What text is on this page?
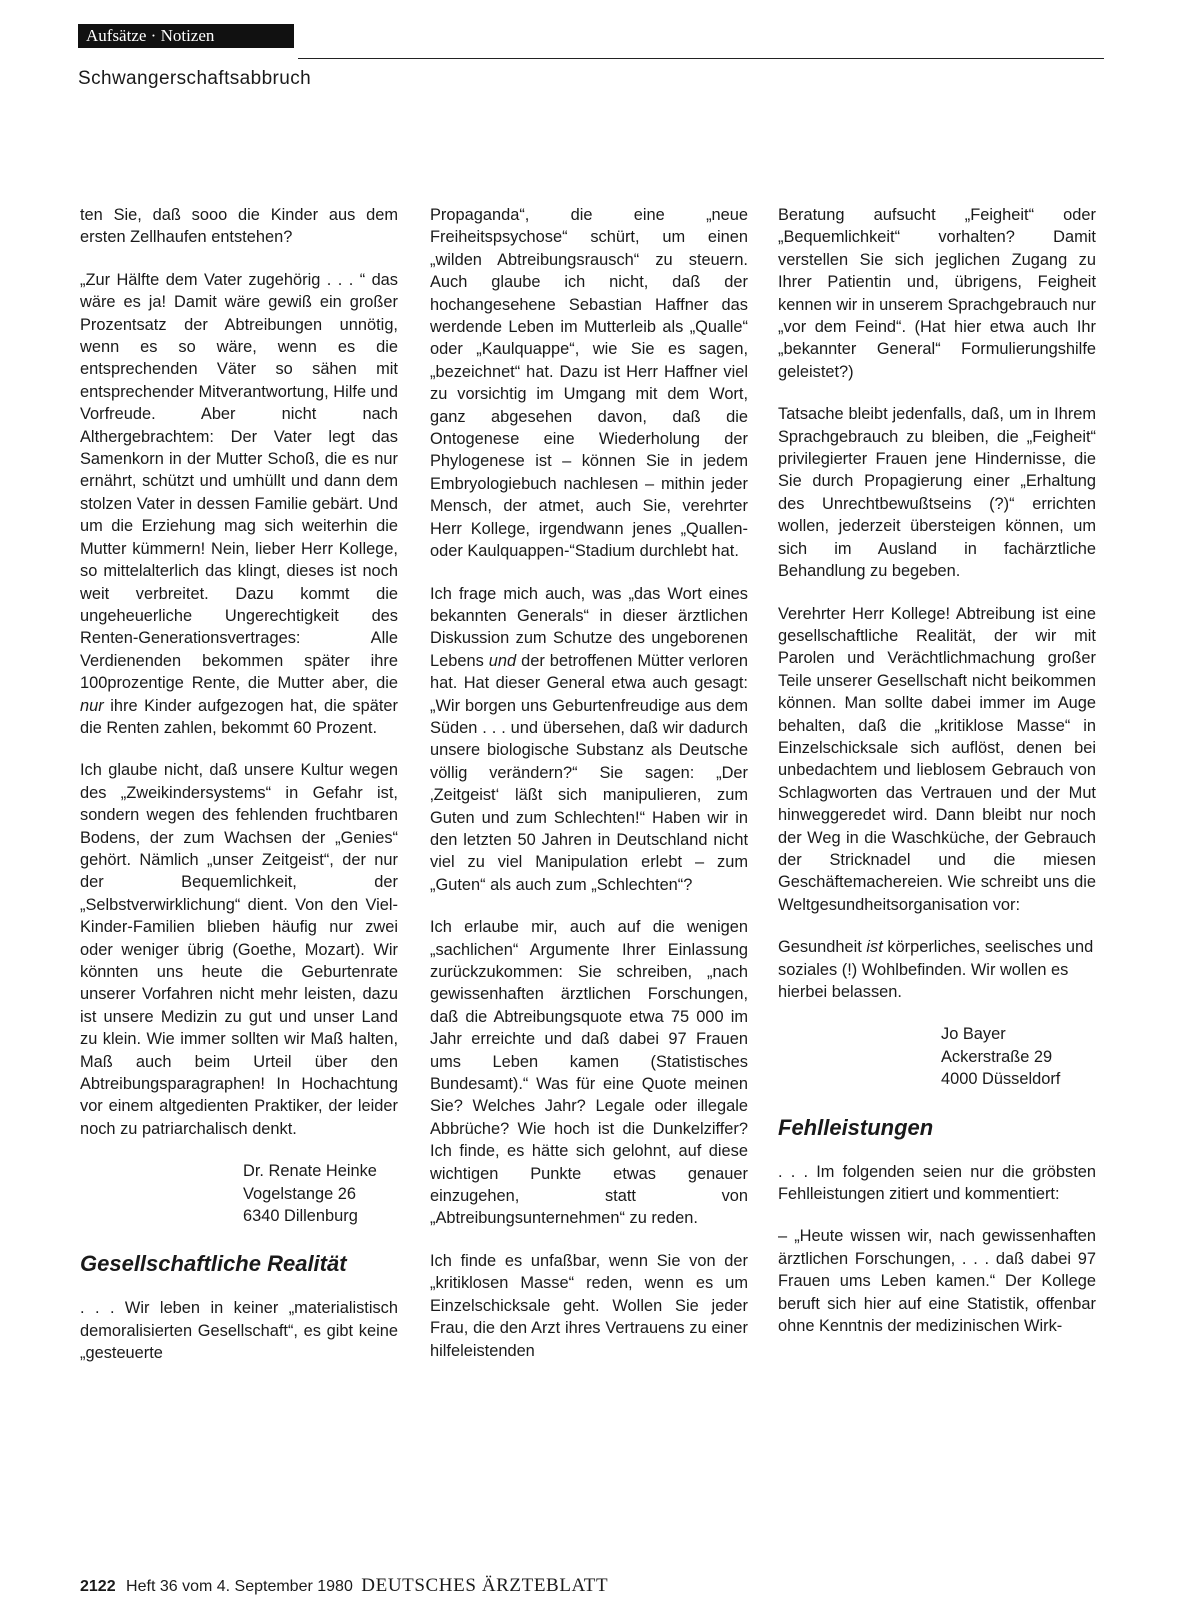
Aufsätze · Notizen
Schwangerschaftsabbruch

ten Sie, daß sooo die Kinder aus dem ersten Zellhaufen entstehen?

„Zur Hälfte dem Vater zugehörig . . . “ das wäre es ja! Damit wäre gewiß ein großer Prozentsatz der Abtreibungen unnötig, wenn es so wäre, wenn es die entsprechenden Väter so sähen mit entsprechender Mitverantwortung, Hilfe und Vorfreude. Aber nicht nach Althergebrachtem: Der Vater legt das Samenkorn in der Mutter Schoß, die es nur ernährt, schützt und umhüllt und dann dem stolzen Vater in dessen Familie gebärt. Und um die Erziehung mag sich weiterhin die Mutter kümmern! Nein, lieber Herr Kollege, so mittelalterlich das klingt, dieses ist noch weit verbreitet. Dazu kommt die ungeheuerliche Ungerechtigkeit des Renten-Generationsvertrages: Alle Verdienenden bekommen später ihre 100prozentige Rente, die Mutter aber, die nur ihre Kinder aufgezogen hat, die später die Renten zahlen, bekommt 60 Prozent.

Ich glaube nicht, daß unsere Kultur wegen des „Zweikindersystems“ in Gefahr ist, sondern wegen des fehlenden fruchtbaren Bodens, der zum Wachsen der „Genies“ gehört. Nämlich „unser Zeitgeist“, der nur der Bequemlichkeit, der „Selbstverwirklichung“ dient. Von den Viel-Kinder-Familien blieben häufig nur zwei oder weniger übrig (Goethe, Mozart). Wir könnten uns heute die Geburtenrate unserer Vorfahren nicht mehr leisten, dazu ist unsere Medizin zu gut und unser Land zu klein. Wie immer sollten wir Maß halten, Maß auch beim Urteil über den Abtreibungsparagraphen! In Hochachtung vor einem altgedienten Praktiker, der leider noch zu patriarchalisch denkt.

Dr. Renate Heinke
Vogelstange 26
6340 Dillenburg
Gesellschaftliche Realität

. . . Wir leben in keiner „materialistisch demoralisierten Gesellschaft“, es gibt keine „gesteuerte

Propaganda“, die eine „neue Freiheitspsychose“ schürt, um einen „wilden Abtreibungsrausch“ zu steuern. Auch glaube ich nicht, daß der hochangesehene Sebastian Haffner das werdende Leben im Mutterleib als „Qualle“ oder „Kaulquappe“, wie Sie es sagen, „bezeichnet“ hat. Dazu ist Herr Haffner viel zu vorsichtig im Umgang mit dem Wort, ganz abgesehen davon, daß die Ontogenese eine Wiederholung der Phylogenese ist – können Sie in jedem Embryologiebuch nachlesen – mithin jeder Mensch, der atmet, auch Sie, verehrter Herr Kollege, irgendwann jenes „Quallen- oder Kaulquappen-“Stadium durchlebt hat.

Ich frage mich auch, was „das Wort eines bekannten Generals“ in dieser ärztlichen Diskussion zum Schutze des ungeborenen Lebens und der betroffenen Mütter verloren hat. Hat dieser General etwa auch gesagt: „Wir borgen uns Geburtenfreudige aus dem Süden . . . und übersehen, daß wir dadurch unsere biologische Substanz als Deutsche völlig verändern?“ Sie sagen: „Der ‚Zeitgeist‘ läßt sich manipulieren, zum Guten und zum Schlechten!“ Haben wir in den letzten 50 Jahren in Deutschland nicht viel zu viel Manipulation erlebt – zum „Guten“ als auch zum „Schlechten“?

Ich erlaube mir, auch auf die wenigen „sachlichen“ Argumente Ihrer Einlassung zurückzukommen: Sie schreiben, „nach gewissenhaften ärztlichen Forschungen, daß die Abtreibungsquote etwa 75 000 im Jahr erreichte und daß dabei 97 Frauen ums Leben kamen (Statistisches Bundesamt).“ Was für eine Quote meinen Sie? Welches Jahr? Legale oder illegale Abbrüche? Wie hoch ist die Dunkelziffer? Ich finde, es hätte sich gelohnt, auf diese wichtigen Punkte etwas genauer einzugehen, statt von „Abtreibungsunternehmen“ zu reden.

Ich finde es unfaßbar, wenn Sie von der „kritiklosen Masse“ reden, wenn es um Einzelschicksale geht. Wollen Sie jeder Frau, die den Arzt ihres Vertrauens zu einer hilfeleistenden

Beratung aufsucht „Feigheit“ oder „Bequemlichkeit“ vorhalten? Damit verstellen Sie sich jeglichen Zugang zu Ihrer Patientin und, übrigens, Feigheit kennen wir in unserem Sprachgebrauch nur „vor dem Feind“. (Hat hier etwa auch Ihr „bekannter General“ Formulierungshilfe geleistet?)

Tatsache bleibt jedenfalls, daß, um in Ihrem Sprachgebrauch zu bleiben, die „Feigheit“ privilegierter Frauen jene Hindernisse, die Sie durch Propagierung einer „Erhaltung des Unrechtbewußtseins (?)“ errichten wollen, jederzeit übersteigen können, um sich im Ausland in fachärztliche Behandlung zu begeben.

Verehrter Herr Kollege! Abtreibung ist eine gesellschaftliche Realität, der wir mit Parolen und Verächtlichmachung großer Teile unserer Gesellschaft nicht beikommen können. Man sollte dabei immer im Auge behalten, daß die „kritiklose Masse“ in Einzelschicksale sich auflöst, denen bei unbedachtem und lieblosem Gebrauch von Schlagworten das Vertrauen und der Mut hinweggeredet wird. Dann bleibt nur noch der Weg in die Waschküche, der Gebrauch der Stricknadel und die miesen Geschäftemachereien. Wie schreibt uns die Weltgesundheitsorganisation vor:

Gesundheit ist körperliches, seelisches und soziales (!) Wohlbefinden. Wir wollen es hierbei belassen.

Jo Bayer
Ackerstraße 29
4000 Düsseldorf
Fehlleistungen

. . . Im folgenden seien nur die gröbsten Fehlleistungen zitiert und kommentiert:

– „Heute wissen wir, nach gewissenhaften ärztlichen Forschungen, . . . daß dabei 97 Frauen ums Leben kamen.“ Der Kollege beruft sich hier auf eine Statistik, offenbar ohne Kenntnis der medizinischen Wirk-

2122 Heft 36 vom 4. September 1980 DEUTSCHES ÄRZTEBLATT
